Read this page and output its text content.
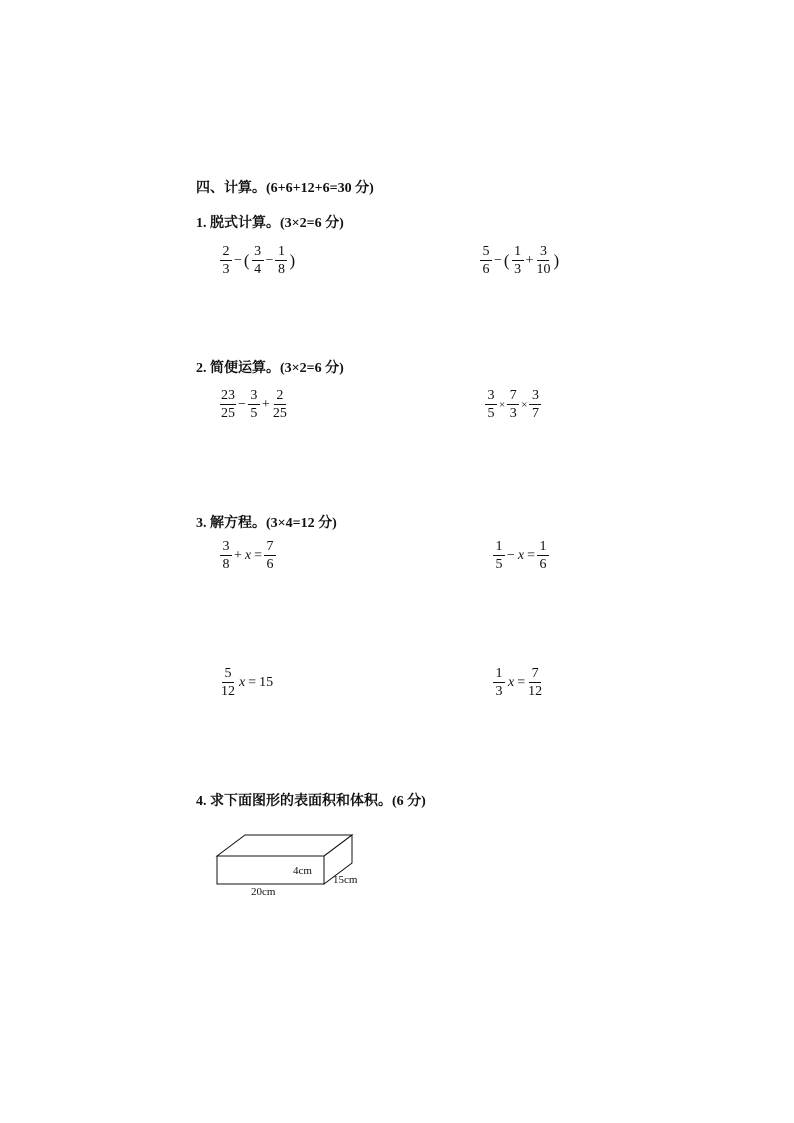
四、计算。(6+6+12+6=30 分)
1. 脱式计算。(3×2=6 分)
$\frac{2}{3}$ − ( $\frac{3}{4} - \frac{1}{8}$ )	$\frac{5}{6}$ − ( $\frac{1}{3} + \frac{3}{10}$ )
2. 简便运算。(3×2=6 分)
$\frac{23}{25} - \frac{3}{5} + \frac{2}{25}$	$\frac{3}{5} \times \frac{7}{3} \times \frac{3}{7}$
3. 解方程。(3×4=12 分)
$\frac{3}{8} + x = \frac{7}{6}$	$\frac{1}{5} - x = \frac{1}{6}$
$\frac{5}{12}$ x = 15	$\frac{1}{3}$ $x = \frac{7}{12}$
4. 求下面图形的表面积和体积。(6 分)
4cm
15cm
20cm
